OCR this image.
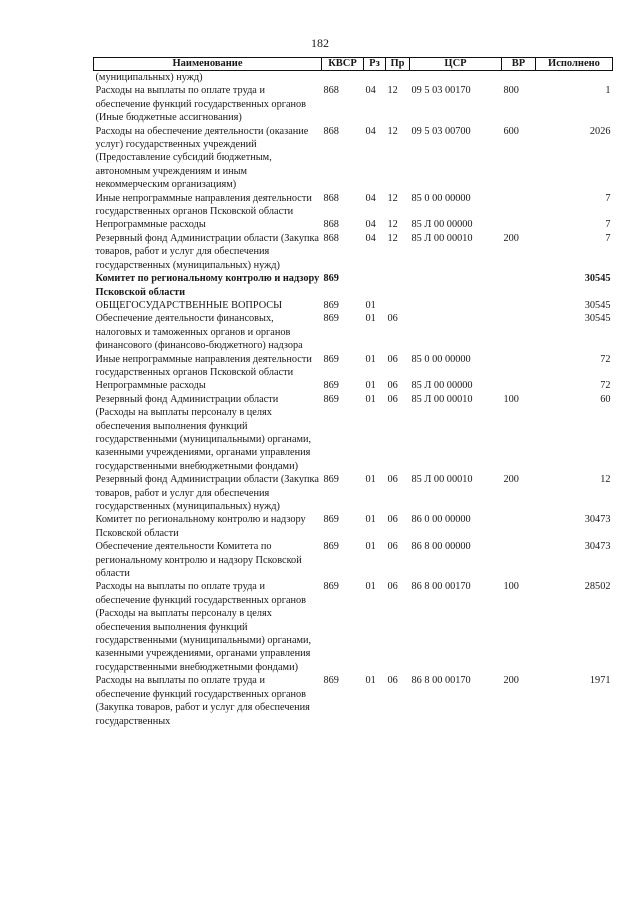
182
Наименование	КВСР	Рз	Пр	ЦСР	ВР	Исполнено
(муниципальных) нужд)						
Расходы на выплаты по оплате труда и обеспечение функций государственных органов (Иные бюджетные ассигнования)	868	04	12	09 5 03 00170	800	1
Расходы на обеспечение деятельности (оказание услуг) государственных учреждений (Предоставление субсидий бюджетным, автономным учреждениям и иным некоммерческим организациям)	868	04	12	09 5 03 00700	600	2026
Иные непрограммные направления деятельности государственных органов Псковской области	868	04	12	85 0 00 00000		7
Непрограммные расходы	868	04	12	85 Л 00 00000		7
Резервный фонд Администрации области (Закупка товаров, работ и услуг для обеспечения государственных (муниципальных) нужд)	868	04	12	85 Л 00 00010	200	7
Комитет по региональному контролю и надзору Псковской области	869					30545
ОБЩЕГОСУДАРСТВЕННЫЕ ВОПРОСЫ	869	01				30545
Обеспечение деятельности финансовых, налоговых и таможенных органов и органов финансового (финансово-бюджетного) надзора	869	01	06			30545
Иные непрограммные направления деятельности государственных органов Псковской области	869	01	06	85 0 00 00000		72
Непрограммные расходы	869	01	06	85 Л 00 00000		72
Резервный фонд Администрации области (Расходы на выплаты персоналу в целях обеспечения выполнения функций государственными (муниципальными) органами, казенными учреждениями, органами управления государственными внебюджетными фондами)	869	01	06	85 Л 00 00010	100	60
Резервный фонд Администрации области (Закупка товаров, работ и услуг для обеспечения государственных (муниципальных) нужд)	869	01	06	85 Л 00 00010	200	12
Комитет по региональному контролю и надзору Псковской области	869	01	06	86 0 00 00000		30473
Обеспечение деятельности Комитета по региональному контролю и надзору Псковской области	869	01	06	86 8 00 00000		30473
Расходы на выплаты по оплате труда и обеспечение функций государственных органов (Расходы на выплаты персоналу в целях обеспечения выполнения функций государственными (муниципальными) органами, казенными учреждениями, органами управления государственными внебюджетными фондами)	869	01	06	86 8 00 00170	100	28502
Расходы на выплаты по оплате труда и обеспечение функций государственных органов (Закупка товаров, работ и услуг для обеспечения государственных	869	01	06	86 8 00 00170	200	1971
